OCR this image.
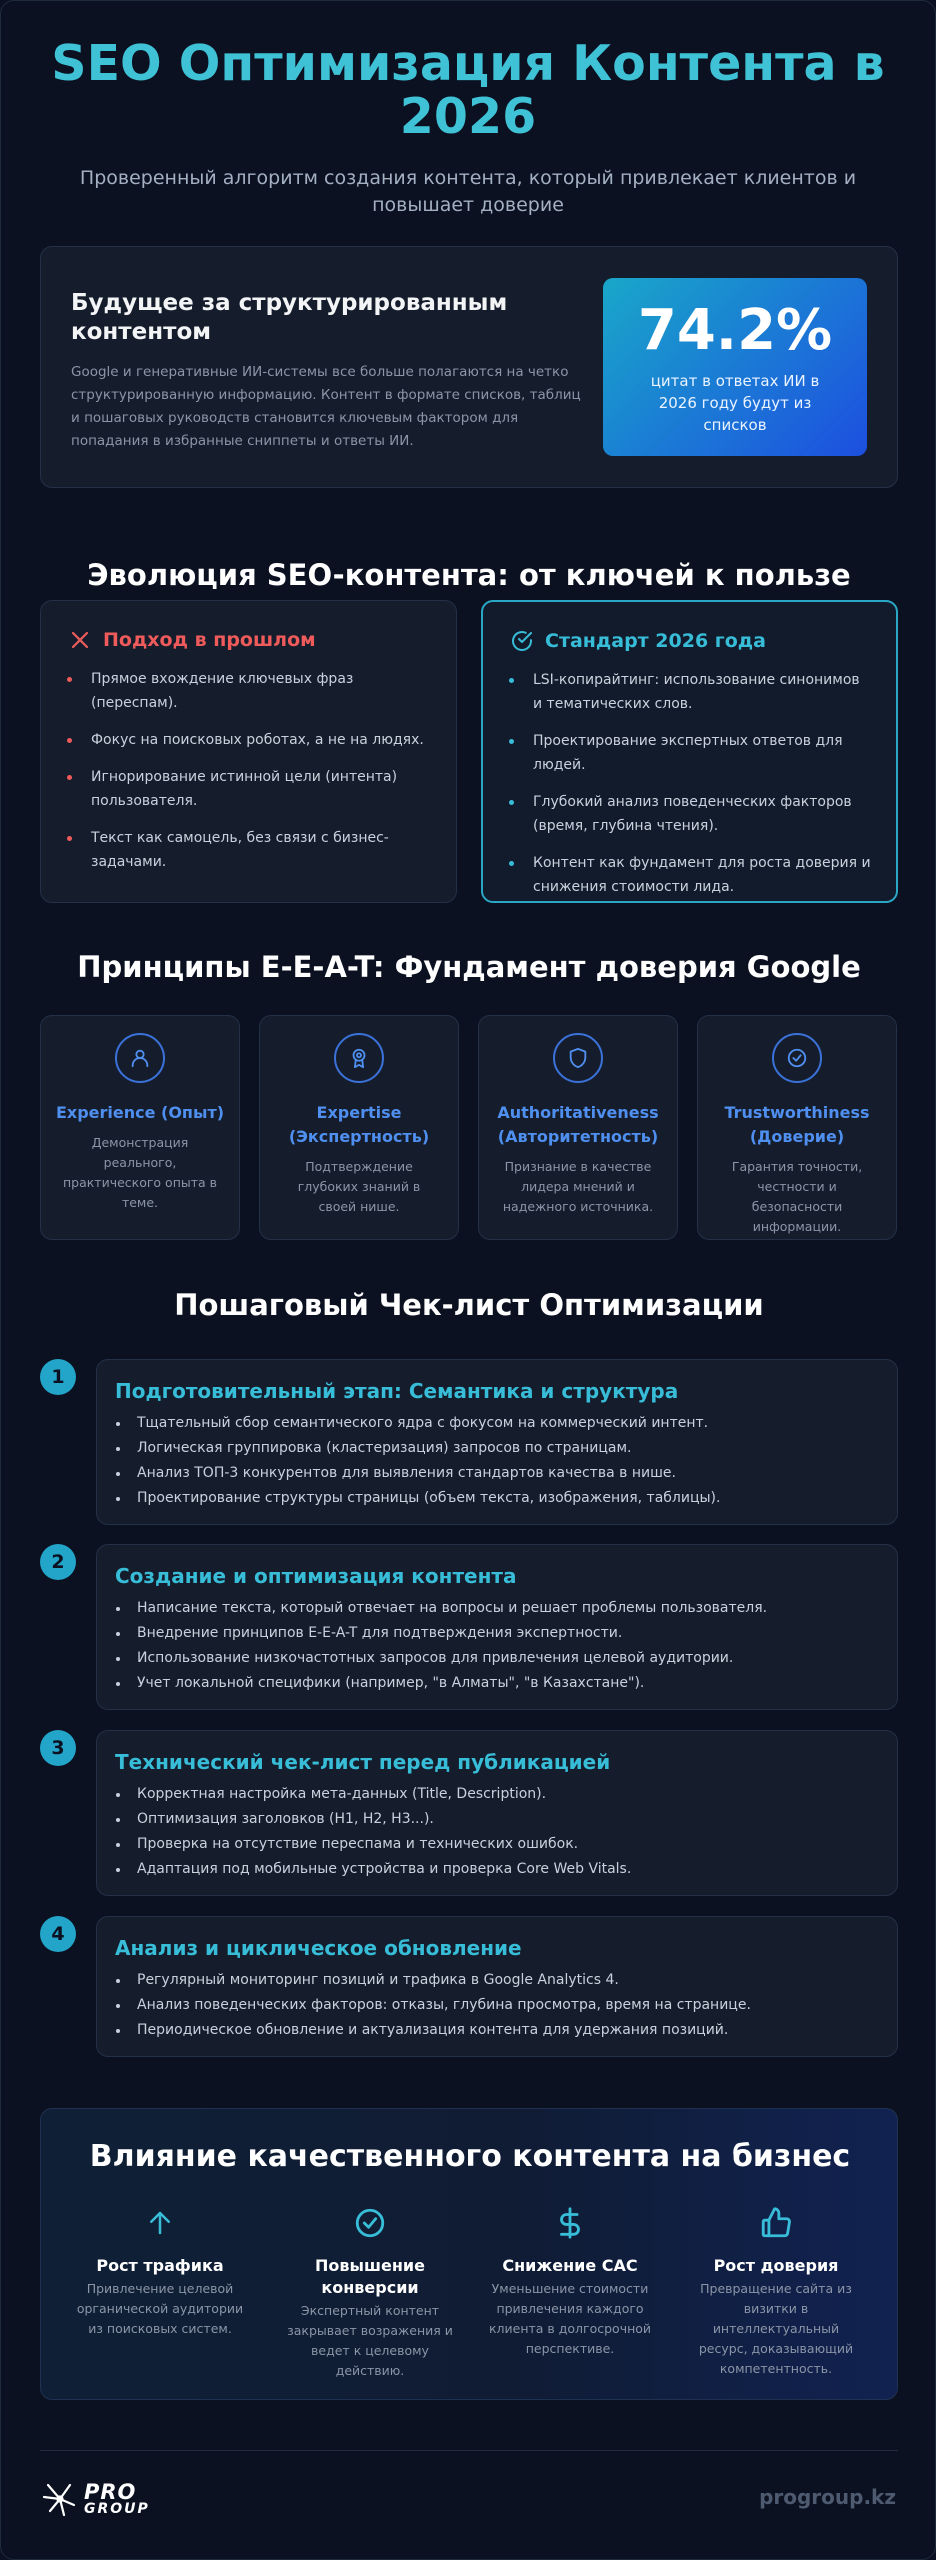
SEO Оптимизация Контента в 2026

Проверенный алгоритм создания контента, который привлекает клиентов и повышает доверие

Будущее за структурированным контентом

Google и генеративные ИИ-системы все больше полагаются на четко структурированную информацию. Контент в формате списков, таблиц и пошаговых руководств становится ключевым фактором для попадания в избранные сниппеты и ответы ИИ.

74.2%
цитат в ответах ИИ в 2026 году будут из списков
Эволюция SEO-контента: от ключей к пользе
Подход в прошлом
Прямое вхождение ключевых фраз (переспам).
Фокус на поисковых роботах, а не на людях.
Игнорирование истинной цели (интента) пользователя.
Текст как самоцель, без связи с бизнес-задачами.
Стандарт 2026 года
LSI-копирайтинг: использование синонимов и тематических слов.
Проектирование экспертных ответов для людей.
Глубокий анализ поведенческих факторов (время, глубина чтения).
Контент как фундамент для роста доверия и снижения стоимости лида.
Принципы E-E-A-T: Фундамент доверия Google
Experience (Опыт)

Демонстрация реального, практического опыта в теме.

Expertise (Экспертность)

Подтверждение глубоких знаний в своей нише.

Authoritativeness (Авторитетность)

Признание в качестве лидера мнений и надежного источника.

Trustworthiness (Доверие)

Гарантия точности, честности и безопасности информации.

Пошаговый Чек-лист Оптимизации
1
Подготовительный этап: Семантика и структура
Тщательный сбор семантического ядра с фокусом на коммерческий интент.
Логическая группировка (кластеризация) запросов по страницам.
Анализ ТОП-3 конкурентов для выявления стандартов качества в нише.
Проектирование структуры страницы (объем текста, изображения, таблицы).
2
Создание и оптимизация контента
Написание текста, который отвечает на вопросы и решает проблемы пользователя.
Внедрение принципов E-E-A-T для подтверждения экспертности.
Использование низкочастотных запросов для привлечения целевой аудитории.
Учет локальной специфики (например, "в Алматы", "в Казахстане").
3
Технический чек-лист перед публикацией
Корректная настройка мета-данных (Title, Description).
Оптимизация заголовков (H1, H2, H3...).
Проверка на отсутствие переспама и технических ошибок.
Адаптация под мобильные устройства и проверка Core Web Vitals.
4
Анализ и циклическое обновление
Регулярный мониторинг позиций и трафика в Google Analytics 4.
Анализ поведенческих факторов: отказы, глубина просмотра, время на странице.
Периодическое обновление и актуализация контента для удержания позиций.
Влияние качественного контента на бизнес
Рост трафика

Привлечение целевой органической аудитории из поисковых систем.

Повышение конверсии

Экспертный контент закрывает возражения и ведет к целевому действию.

Снижение CAC

Уменьшение стоимости привлечения каждого клиента в долгосрочной перспективе.

Рост доверия

Превращение сайта из визитки в интеллектуальный ресурс, доказывающий компетентность.

PRO
GROUP	progroup.kz
